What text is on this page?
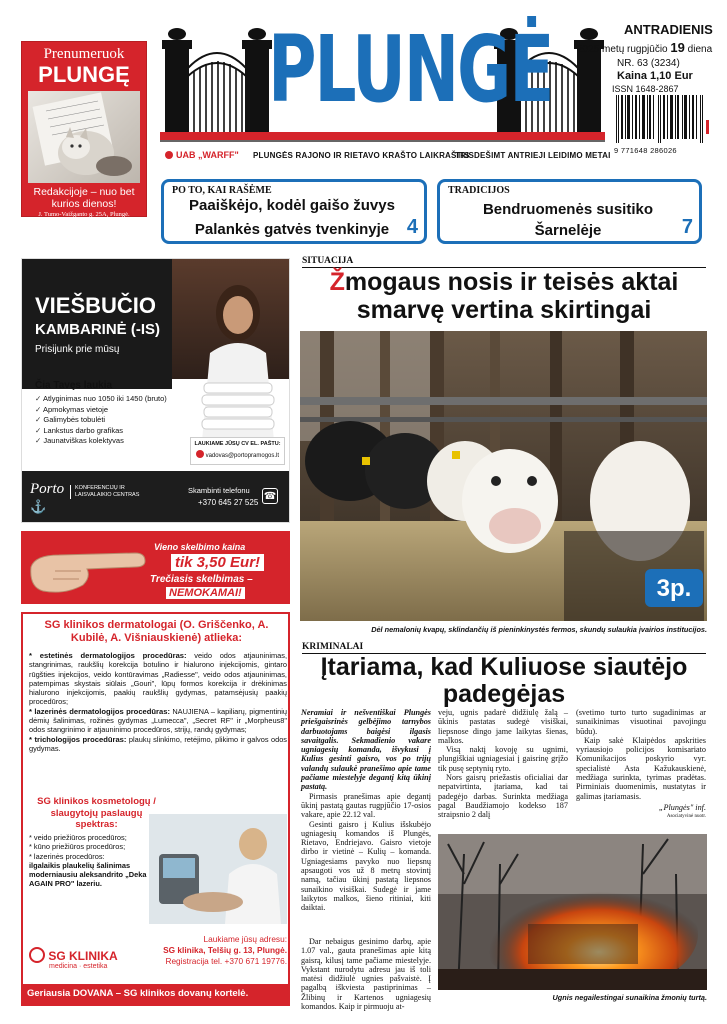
Prenumeruok
PLUNGĘ
Redakcijoje – nuo bet kurios dienos!
J. Tumo-Vaižganto g. 25A, Plungė.
PLUNGĖ
UAB „WARFF" PLUNGĖS RAJONO IR RIETAVO KRAŠTO LAIKRAŠTIS
TRISDEŠIMT ANTRIEJI LEIDIMO METAI
ANTRADIENIS
2025 metų rugpjūčio 19 diena
NR. 63 (3234)
Kaina 1,10 Eur
ISSN 1648-2867
9 771648 286026
PO TO, KAI RAŠĖME
Paaiškėjo, kodėl gaišo žuvys
Palankės gatvės tvenkinyje 4
TRADICIJOS
Bendruomenės susitiko
Šarnelėje	7
VIEŠBUČIO
KAMBARINĖ (-IS)
Prisijunk prie mūsų
Čia Tavęs laukia
✓ Atlyginimas nuo 1050 iki 1450 (bruto)
✓ Apmokymas vietoje
✓ Galimybės tobulėti
✓ Lankstus darbo grafikas
✓ Jaunatviškas kolektyvas	LAUKIAME JŪSŲ CV EL. PAŠTU:
vadovas@portopramogos.lt
Porto
⚓
KONFERENCIJŲ IR LAISVALAIKIO CENTRAS	Skambinti telefonu
+370 645 27 525
☎
Vieno skelbimo kaina
tik 3,50 Eur!
Trečiasis skelbimas –
NEMOKAMAI!
SG klinikos dermatologai (O. Griščenko, A. Kubilė, A. Višniauskienė) atlieka:

* estetinės dermatologijos procedūras: veido odos atjauninimas, stangrinimas, raukšlių korekcija botulino ir hialurono injekcijomis, gintaro rūgšties injekcijos, veido kontūravimas „Radiesse", veido odos atjauninimas, patempimas skystais siūlais „Gouri", lūpų formos korekcija ir drėkinimas hialurono injekcijomis, paakių raukšlių gydymas, patamsėjusių paakių procedūros;

* lazerinės dermatologijos procedūras: NAUJIENA – kapiliarų, pigmentinių dėmių šalinimas, rožinės gydymas „Lumecca", „Secret RF" ir „Morpheus8" odos stangrinimo ir atjauninimo procedūros, strijų, randų gydymas;

* trichologijos procedūras: plaukų slinkimo, retėjimo, plikimo ir galvos odos gydymas.

SG klinikos kosmetologų / slaugytojų paslaugų spektras:

* veido priežiūros procedūros;

* kūno priežiūros procedūros;

* lazerinės procedūros:

ilgalaikis plaukelių šalinimas moderniausiu aleksandrito „Deka AGAIN PRO" lazeriu.

SG KLINIKA
medicina · estetika
Laukiame jūsų adresu:
SG klinika, Telšių g. 13, Plungė.
Registracija tel. +370 671 19776.
Geriausia DOVANA – SG klinikos dovanų kortelė.
SITUACIJA
Žmogaus nosis ir teisės aktai smarvę vertina skirtingai
3p.
Dėl nemalonių kvapų, sklindančių iš pieninkinystės fermos, skundų sulaukia įvairios institucijos.
KRIMINALAI
Įtariama, kad Kuliuose siautėjo padegėjas

Neramiai ir nešventiškai Plungės priešgaisrinės gelbėjimo tarnybos darbuotojams baigėsi ilgasis savaitgalis. Sekmadienio vakare ugniagesių komanda, išvykusi į Kulius gesinti gaisro, vos po trijų valandų sulaukė pranešimo apie tame pačiame miestelyje degantį kitą ūkinį pastatą.

Pirmasis pranešimas apie degantį ūkinį pastatą gautas rugpjūčio 17-osios vakare, apie 22.12 val.

Gesinti gaisro į Kulius išskubėjo ugniagesių komandos iš Plungės, Rietavo, Endriejavo. Gaisro vietoje dirbo ir vietinė – Kulių – komanda. Ugniagesiams pavyko nuo liepsnų apsaugoti vos už 8 metrų stovintį namą, tačiau ūkinį pastatą liepsnos sunaikino visiškai. Sudegė ir jame laikytos malkos, šieno ritiniai, kiti daiktai.

veju, ugnis padarė didžiulę žalą – ūkinis pastatas sudegė visiškai, liepsnose dingo jame laikytas šienas, malkos.

Visą naktį kovoję su ugnimi, plungiškiai ugniagesiai į gaisrinę grįžo tik pusę septynių ryto.

Nors gaisrų priežastis oficialiai dar nepatvirtinta, įtariama, kad tai padegėjo darbas. Surinkta medžiaga pagal Baudžiamojo kodekso 187 straipsnio 2 dalį

(svetimo turto turto sugadinimas ar sunaikinimas visuotinai pavojingu būdu).

Kaip sakė Klaipėdos apskrities vyriausiojo policijos komisariato Komunikacijos poskyrio vyr. specialistė Asta Kažukauskienė, medžiaga surinkta, tyrimas pradėtas. Pirminiais duomenimis, nustatytas ir galimas įtariamasis.

„Plungės" inf.

Asociatyvinė nuotr.

Dar nebaigus gesinimo darbų, apie 1.07 val., gauta pranešimas apie kitą gaisrą, kilusį tame pačiame miestelyje. Vykstant nurodytu adresu jau iš toli matėsi didžiulė ugnies pašvaistė. Į pagalbą iškviesta pastiprinimas – Žlibinų ir Kartenos ugniagesių komandos. Kaip ir pirmuoju at-

Ugnis negailestingai sunaikina žmonių turtą.
